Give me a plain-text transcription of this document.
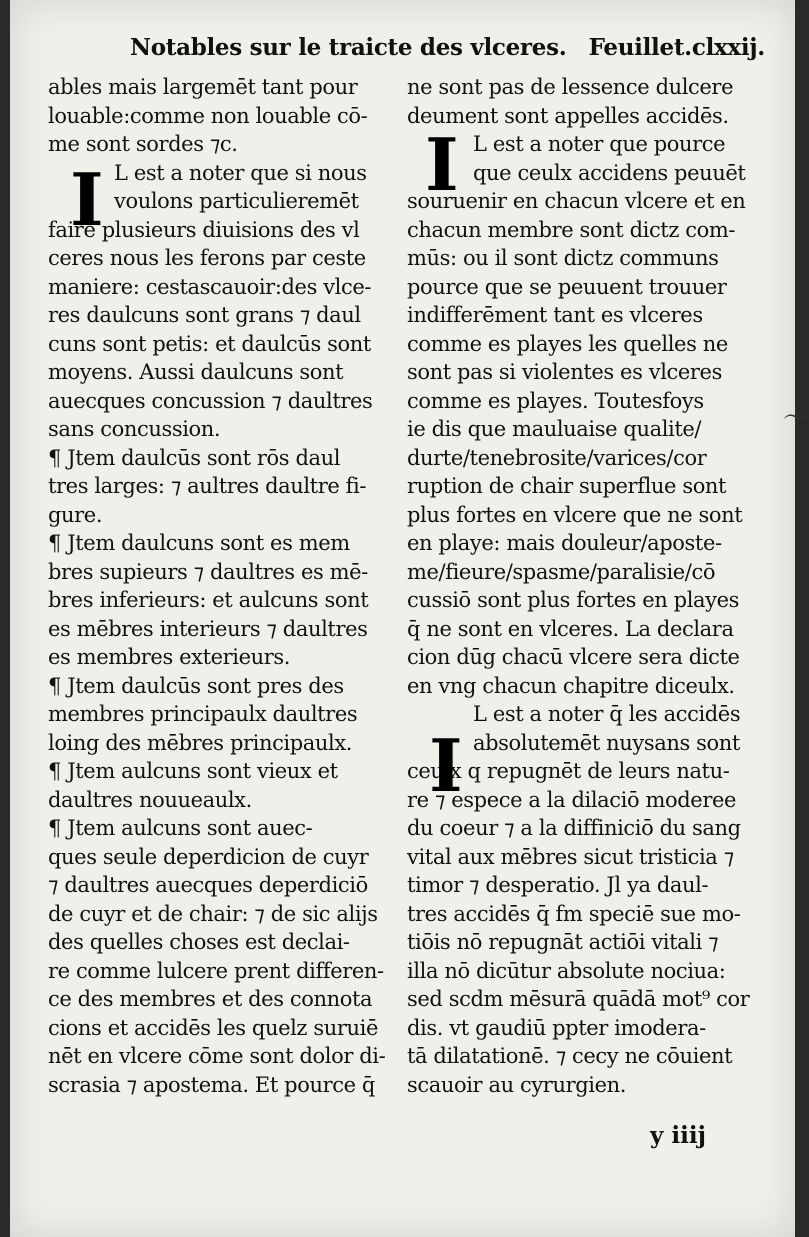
Notables sur le traicte des vlceres. Feuillet.clxxij.
I
ables mais largemēt tant pour
louable:comme non louable cō-
me sont sordes ⁊c.
L est a noter que si nous
voulons particulieremēt
faire plusieurs diuisions des vl
ceres nous les ferons par ceste
maniere: cestascauoir:des vlce-
res daulcuns sont grans ⁊ daul
cuns sont petis: et daulcūs sont
moyens. Aussi daulcuns sont
auecques concussion ⁊ daultres
sans concussion.
¶ Jtem daulcūs sont rōs daul
tres larges: ⁊ aultres daultre fi-
gure.
¶ Jtem daulcuns sont es mem
bres supieurs ⁊ daultres es mē-
bres inferieurs: et aulcuns sont
es mēbres interieurs ⁊ daultres
es membres exterieurs.
¶ Jtem daulcūs sont pres des
membres principaulx daultres
loing des mēbres principaulx.
¶ Jtem aulcuns sont vieux et
daultres nouueaulx.
¶ Jtem aulcuns sont auec-
ques seule deperdicion de cuyr
⁊ daultres auecques deperdiciō
de cuyr et de chair: ⁊ de sic alijs
des quelles choses est declai-
re comme lulcere prent differen-
ce des membres et des connota
cions et accidēs les quelz suruiē
nēt en vlcere cōme sont dolor di-
scrasia ⁊ apostema. Et pource q̄
I
I
ne sont pas de lessence dulcere
deument sont appelles accidēs.
L est a noter que pource
que ceulx accidens peuuēt
souruenir en chacun vlcere et en
chacun membre sont dictz com-
mūs: ou il sont dictz communs
pource que se peuuent trouuer
indifferēment tant es vlceres
comme es playes les quelles ne
sont pas si violentes es vlceres
comme es playes. Toutesfoys
ie dis que mauluaise qualite/
durte/tenebrosite/varices/cor
ruption de chair superflue sont
plus fortes en vlcere que ne sont
en playe: mais douleur/aposte-
me/fieure/spasme/paralisie/cō
cussiō sont plus fortes en playes
q̄ ne sont en vlceres. La declara
cion dūg chacū vlcere sera dicte
en vng chacun chapitre diceulx.
L est a noter q̄ les accidēs
absolutemēt nuysans sont
ceulx q repugnēt de leurs natu-
re ⁊ espece a la dilaciō moderee
du coeur ⁊ a la diffiniciō du sang
vital aux mēbres sicut tristicia ⁊
timor ⁊ desperatio. Jl ya daul-
tres accidēs q̄ fm speciē sue mo-
tiōis nō repugnāt actiōi vitali ⁊
illa nō dicūtur absolute nociua:
sed scdm mēsurā quādā mot⁹ cor
dis. vt gaudiū ppter imodera-
tā dilatationē. ⁊ cecy ne cōuient
scauoir au cyrurgien.
〜
y iiij
